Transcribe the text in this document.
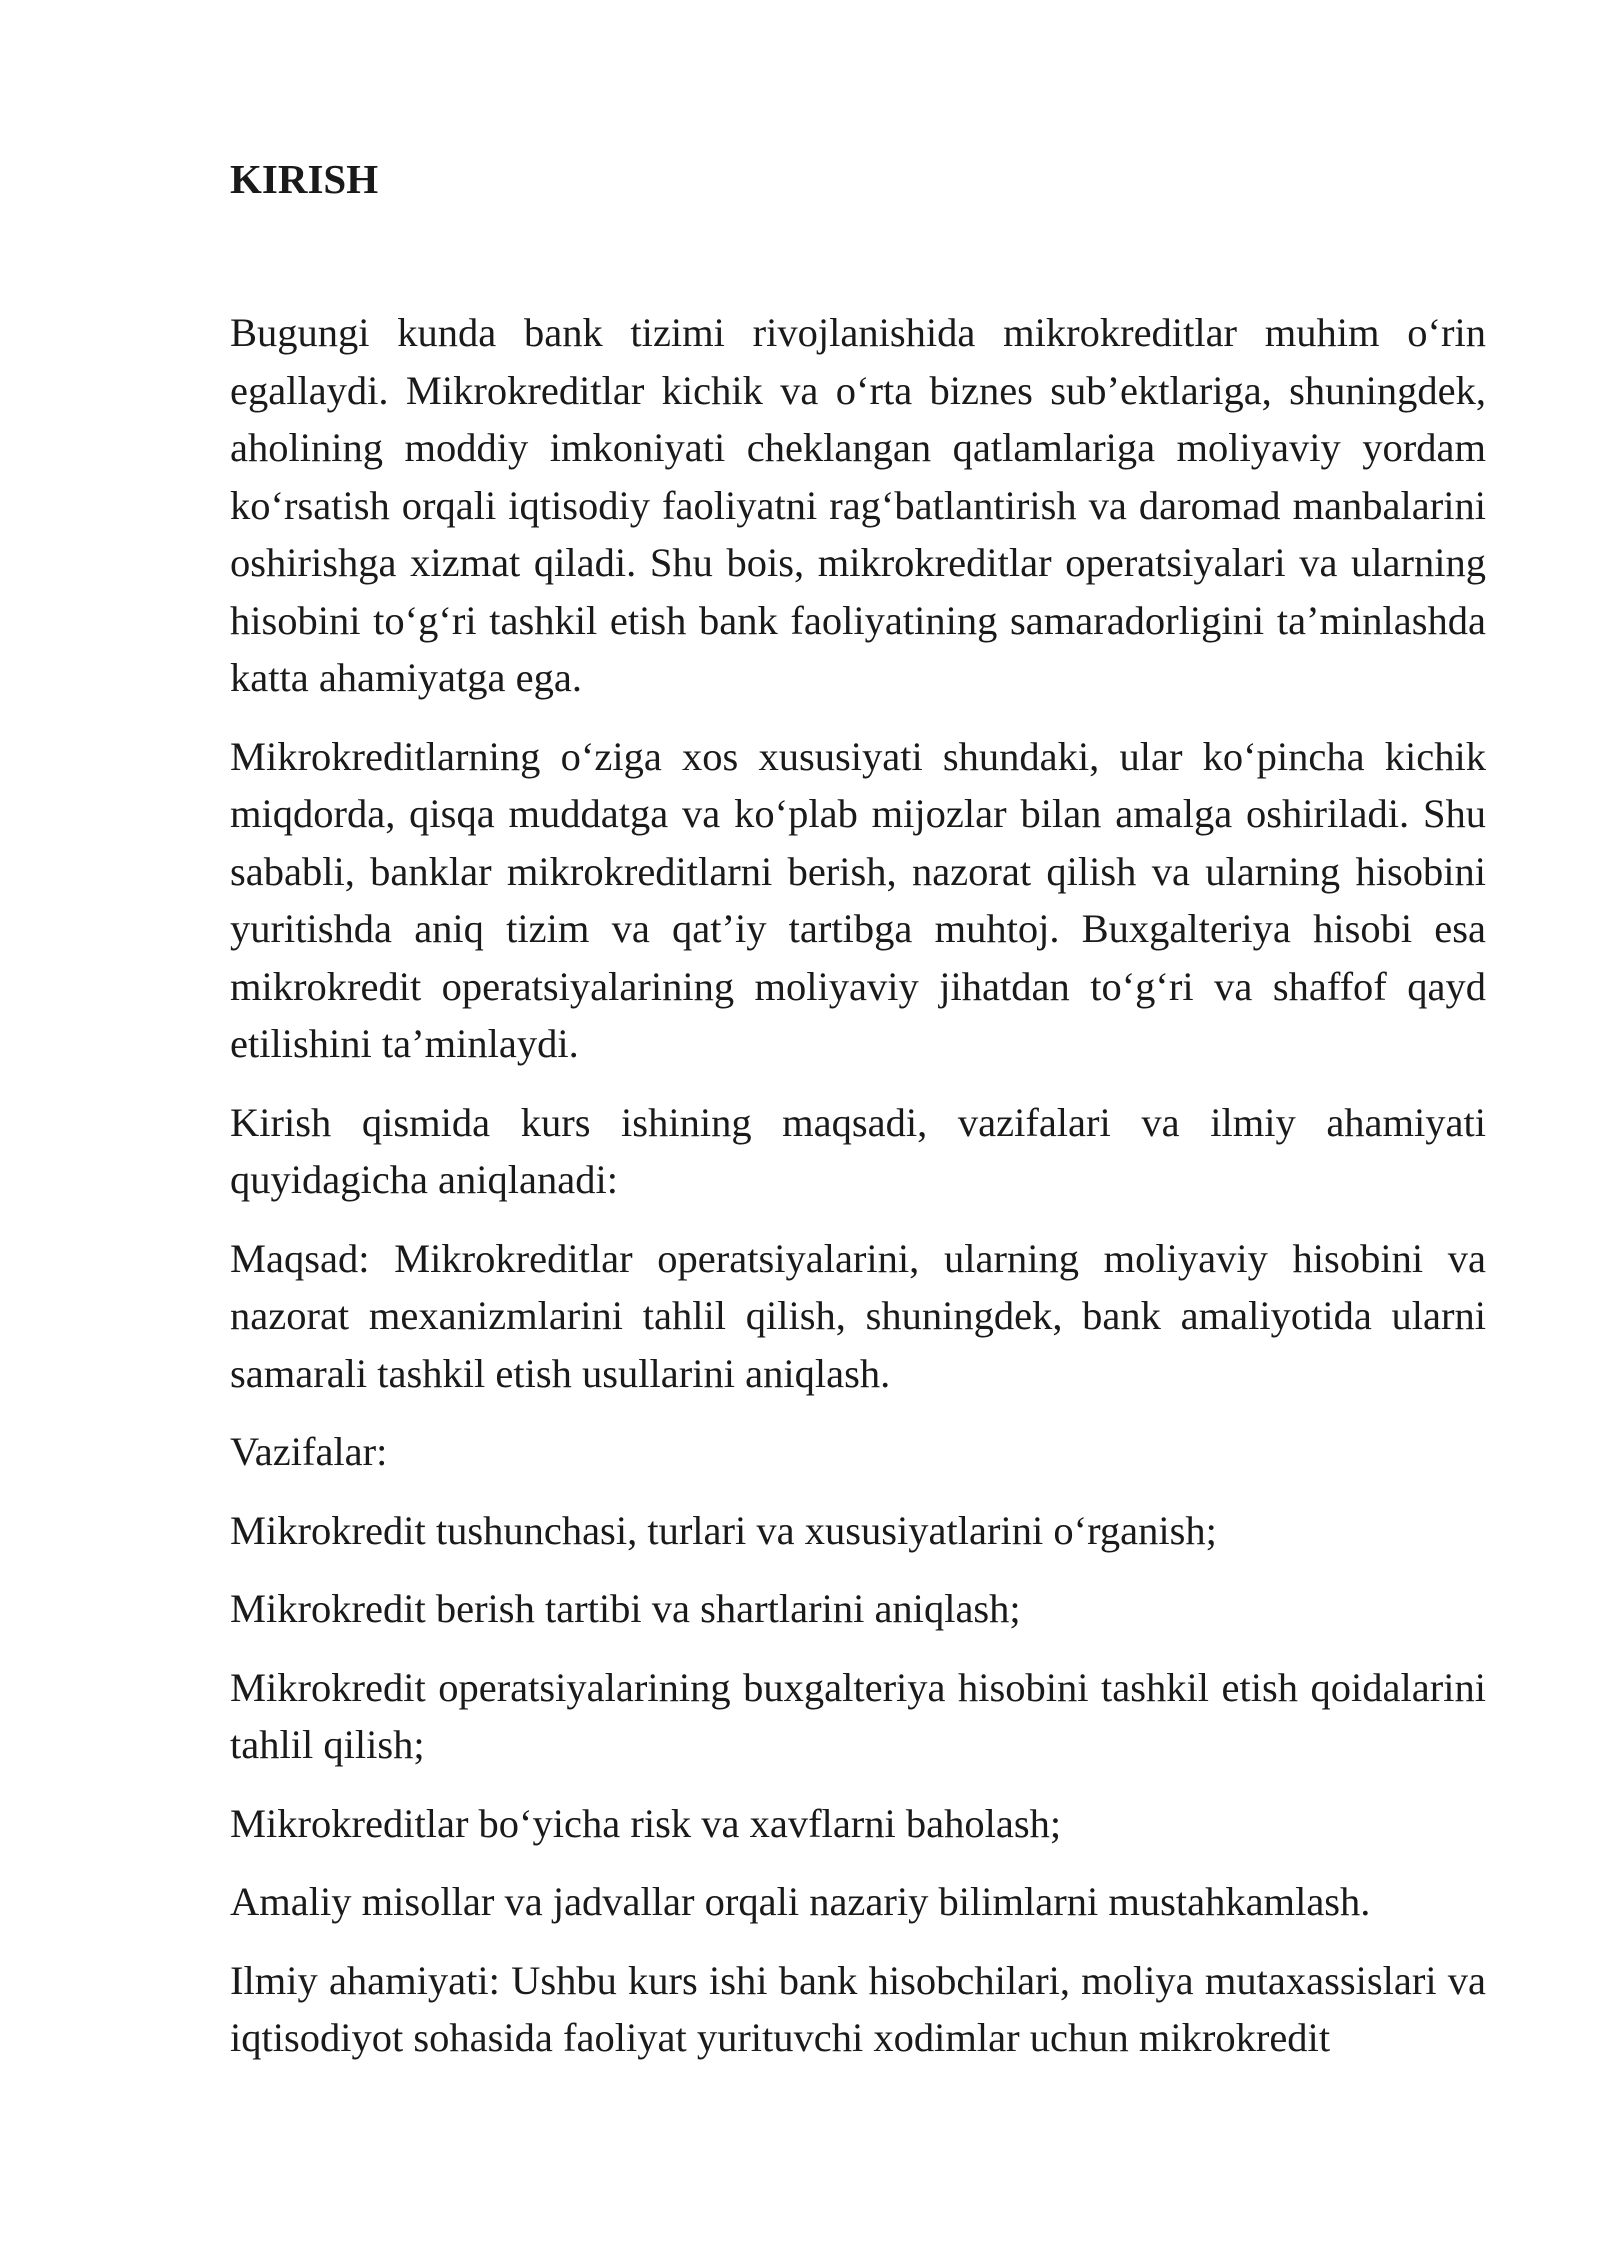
KIRISH

Bugungi kunda bank tizimi rivojlanishida mikrokreditlar muhim o‘rin egallaydi. Mikrokreditlar kichik va o‘rta biznes sub’ektlariga, shuningdek, aholining moddiy imkoniyati cheklangan qatlamlariga moliyaviy yordam ko‘rsatish orqali iqtisodiy faoliyatni rag‘batlantirish va daromad manbalarini oshirishga xizmat qiladi. Shu bois, mikrokreditlar operatsiyalari va ularning hisobini to‘g‘ri tashkil etish bank faoliyatining samaradorligini ta’minlashda katta ahamiyatga ega.

Mikrokreditlarning o‘ziga xos xususiyati shundaki, ular ko‘pincha kichik miqdorda, qisqa muddatga va ko‘plab mijozlar bilan amalga oshiriladi. Shu sababli, banklar mikrokreditlarni berish, nazorat qilish va ularning hisobini yuritishda aniq tizim va qat’iy tartibga muhtoj. Buxgalteriya hisobi esa mikrokredit operatsiyalarining moliyaviy jihatdan to‘g‘ri va shaffof qayd etilishini ta’minlaydi.

Kirish qismida kurs ishining maqsadi, vazifalari va ilmiy ahamiyati quyidagicha aniqlanadi:

Maqsad: Mikrokreditlar operatsiyalarini, ularning moliyaviy hisobini va nazorat mexanizmlarini tahlil qilish, shuningdek, bank amaliyotida ularni samarali tashkil etish usullarini aniqlash.

Vazifalar:

Mikrokredit tushunchasi, turlari va xususiyatlarini o‘rganish;

Mikrokredit berish tartibi va shartlarini aniqlash;

Mikrokredit operatsiyalarining buxgalteriya hisobini tashkil etish qoidalarini tahlil qilish;

Mikrokreditlar bo‘yicha risk va xavflarni baholash;

Amaliy misollar va jadvallar orqali nazariy bilimlarni mustahkamlash.

Ilmiy ahamiyati: Ushbu kurs ishi bank hisobchilari, moliya mutaxassislari va iqtisodiyot sohasida faoliyat yurituvchi xodimlar uchun mikrokredit
